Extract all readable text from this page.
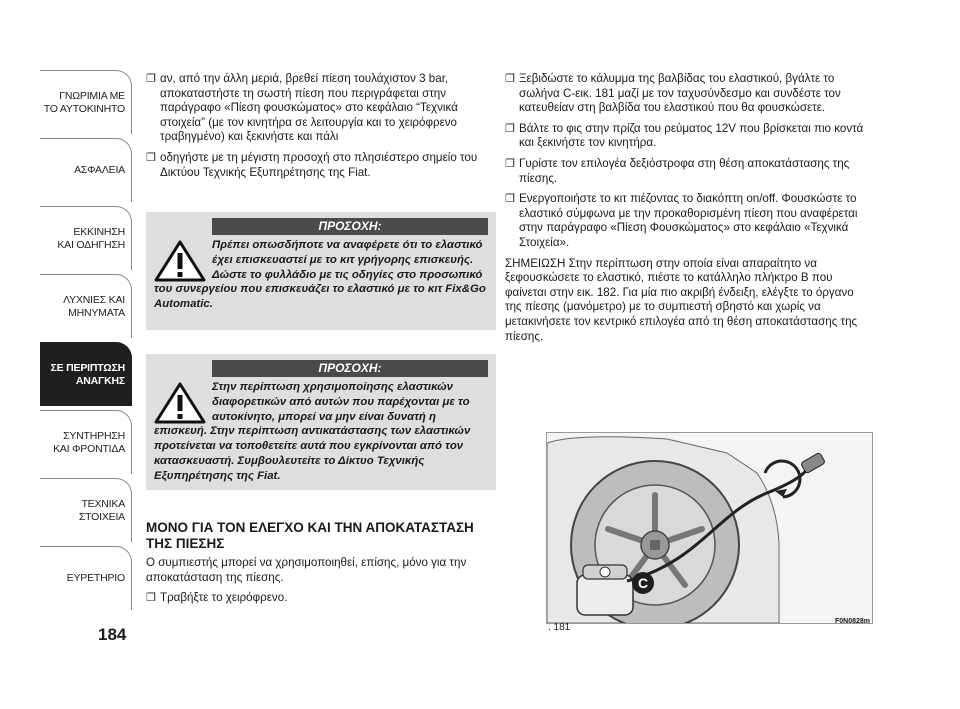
ΓΝΩΡΙΜΙΑ ΜΕ
ΤΟ ΑΥΤΟΚΙΝΗΤΟ
ΑΣΦΑΛΕΙΑ
ΕΚΚΙΝΗΣΗ
ΚΑΙ ΟΔΗΓΗΣΗ
ΛΥΧΝΙΕΣ ΚΑΙ
ΜΗΝΥΜΑΤΑ
ΣΕ ΠΕΡΙΠΤΩΣΗ
ΑΝΑΓΚΗΣ
ΣΥΝΤΗΡΗΣΗ
ΚΑΙ ΦΡΟΝΤΙΔΑ
ΤΕΧΝΙΚΑ
ΣΤΟΙΧΕΙΑ
ΕΥΡΕΤΗΡΙΟ
184

❐ αν, από την άλλη μεριά, βρεθεί πίεση τουλάχιστον 3 bar, αποκαταστήστε τη σωστή πίεση που περιγράφεται στην παράγραφο «Πίεση φουσκώματος» στο κεφάλαιο “Τεχνικά στοιχεία” (με τον κινητήρα σε λειτουργία και το χειρόφρενο τραβηγμένο) και ξεκινήστε και πάλι

❐ οδηγήστε με τη μέγιστη προσοχή στο πλησιέστερο σημείο του Δικτύου Τεχνικής Εξυπηρέτησης της Fiat.

ΠΡΟΣΟΧΗ:
Πρέπει οπωσδήποτε να αναφέρετε ότι το ελαστικό έχει επισκευαστεί με το κιτ γρήγορης επισκευής. Δώστε το φυλλάδιο με τις οδηγίες στο προσωπικό του συνεργείου που επισκευάζει το ελαστικό με το κιτ Fix&Go Automatic.
ΠΡΟΣΟΧΗ:
Στην περίπτωση χρησιμοποίησης ελαστικών διαφορετικών από αυτών που παρέχονται με το αυτοκίνητο, μπορεί να μην είναι δυνατή η επισκευή. Στην περίπτωση αντικατάστασης των ελαστικών προτείνεται να τοποθετείτε αυτά που εγκρίνονται από τον κατασκευαστή. Συμβουλευτείτε το Δίκτυο Τεχνικής Εξυπηρέτησης της Fiat.
ΜΟΝΟ ΓΙΑ ΤΟΝ ΕΛΕΓΧΟ ΚΑΙ ΤΗΝ ΑΠΟΚΑΤΑΣΤΑΣΗ ΤΗΣ ΠΙΕΣΗΣ

Ο συμπιεστής μπορεί να χρησιμοποιηθεί, επίσης, μόνο για την αποκατάσταση της πίεσης.

❐ Τραβήξτε το χειρόφρενο.

❐ Ξεβιδώστε το κάλυμμα της βαλβίδας του ελαστικού, βγάλτε το σωλήνα C-εικ. 181 μαζί με τον ταχυσύνδεσμο και συνδέστε τον κατευθείαν στη βαλβίδα του ελαστικού που θα φουσκώσετε.

❐ Βάλτε το φις στην πρίζα του ρεύματος 12V που βρίσκεται πιο κοντά και ξεκινήστε τον κινητήρα.

❐ Γυρίστε τον επιλογέα δεξιόστροφα στη θέση αποκατάστασης της πίεσης.

❐ Ενεργοποιήστε το κιτ πιέζοντας το διακόπτη on/off. Φουσκώστε το ελαστικό σύμφωνα με την προκαθορισμένη πίεση που αναφέρεται στην παράγραφο «Πίεση Φουσκώματος» στο κεφάλαιο «Τεχνικά Στοιχεία».

ΣΗΜΕΙΩΣΗ Στην περίπτωση στην οποία είναι απαραίτητο να ξεφουσκώσετε το ελαστικό, πιέστε το κατάλληλο πλήκτρο B που φαίνεται στην εικ. 182. Για μία πιο ακριβή ένδειξη, ελέγξτε το όργανο της πίεσης (μανόμετρο) με το συμπιεστή σβηστό και χωρίς να μετακινήσετε τον κεντρικό επιλογέα από τη θέση αποκατάστασης της πίεσης.

C
. 181
F0N0828m
